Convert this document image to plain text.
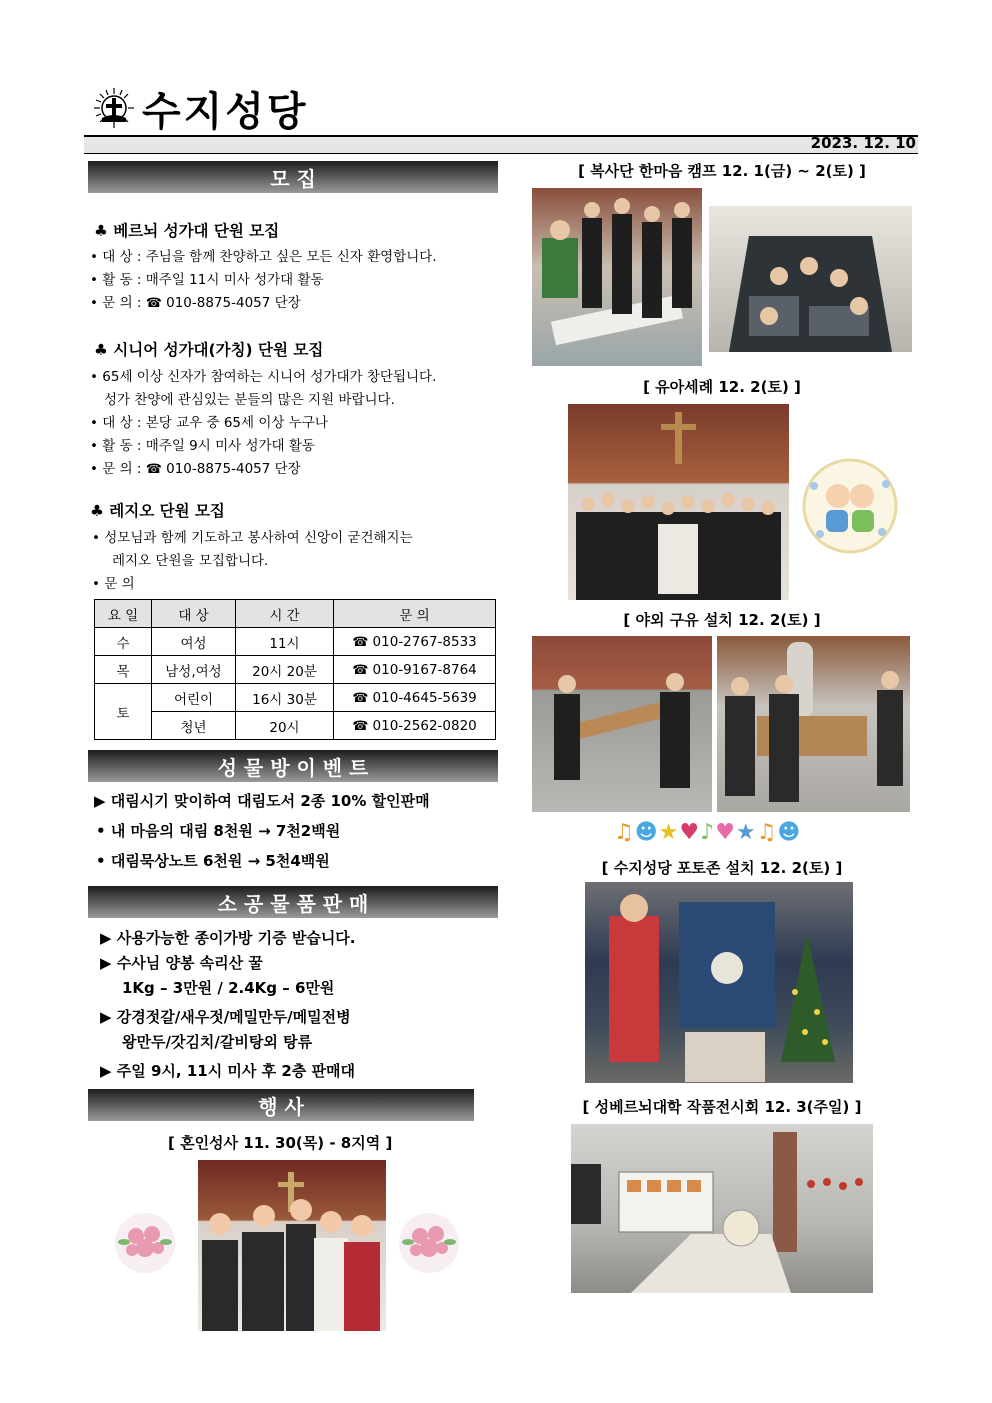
수지성당
2023. 12. 10
모 집
♣ 베르뇌 성가대 단원 모집
• 대 상 : 주님을 함께 찬양하고 싶은 모든 신자 환영합니다.
• 활 동 : 매주일 11시 미사 성가대 활동
• 문 의 : ☎ 010-8875-4057 단장
♣ 시니어 성가대(가칭) 단원 모집
• 65세 이상 신자가 참여하는 시니어 성가대가 창단됩니다.
성가 찬양에 관심있는 분들의 많은 지원 바랍니다.
• 대 상 : 본당 교우 중 65세 이상 누구나
• 활 동 : 매주일 9시 미사 성가대 활동
• 문 의 : ☎ 010-8875-4057 단장
♣ 레지오 단원 모집
• 성모님과 함께 기도하고 봉사하여 신앙이 굳건해지는
레지오 단원을 모집합니다.
• 문 의
요 일	대 상	시 간	문 의
수	여성	11시	☎ 010-2767-8533
목	남성,여성	20시 20분	☎ 010-9167-8764
토	어린이	16시 30분	☎ 010-4645-5639
	청년	20시	☎ 010-2562-0820
성 물 방 이 벤 트
▶ 대림시기 맞이하여 대림도서 2종 10% 할인판매
• 내 마음의 대림 8천원 → 7천2백원
• 대림묵상노트 6천원 → 5천4백원
소 공 물 품 판 매
▶ 사용가능한 종이가방 기증 받습니다.
▶ 수사님 양봉 속리산 꿀
1Kg – 3만원 / 2.4Kg – 6만원
▶ 강경젓갈/새우젓/메밀만두/메밀전병
왕만두/갓김치/갈비탕외 탕류
▶ 주일 9시, 11시 미사 후 2층 판매대
행 사
[ 혼인성사 11. 30(목) - 8지역 ]
[ 복사단 한마음 캠프 12. 1(금) ~ 2(토) ]
[ 유아세례 12. 2(토) ]
[ 야외 구유 설치 12. 2(토) ]
♫☻★♥♪♥★♫☻
[ 수지성당 포토존 설치 12. 2(토) ]
[ 성베르뇌대학 작품전시회 12. 3(주일) ]
